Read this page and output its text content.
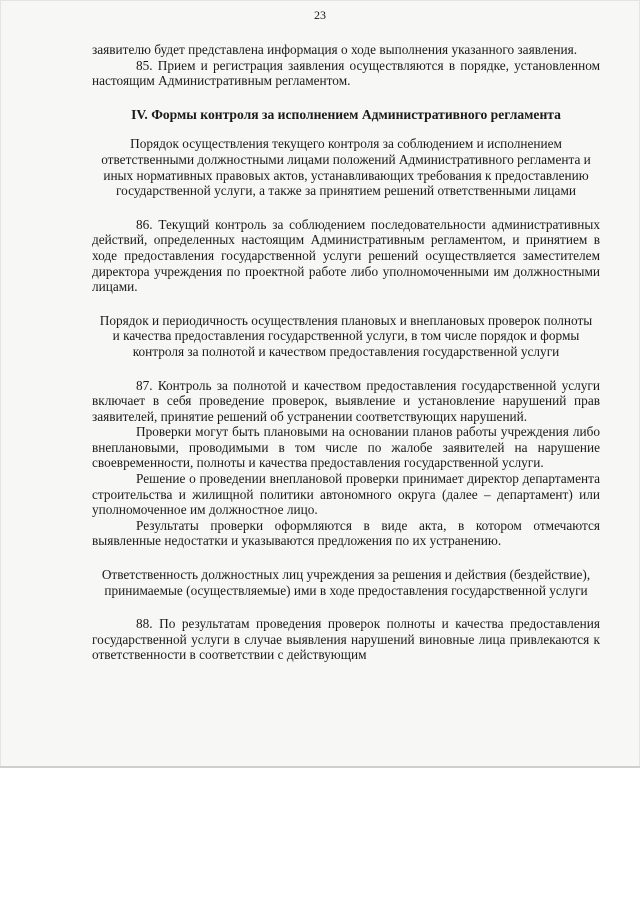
23

заявителю будет представлена информация о ходе выполнения указанного заявления.

85. Прием и регистрация заявления осуществляются в порядке, установленном настоящим Административным регламентом.

IV. Формы контроля за исполнением Административного регламента

Порядок осуществления текущего контроля за соблюдением и исполнением ответственными должностными лицами положений Административного регламента и иных нормативных правовых актов, устанавливающих требования к предоставлению государственной услуги, а также за принятием решений ответственными лицами

86. Текущий контроль за соблюдением последовательности административных действий, определенных настоящим Административным регламентом, и принятием в ходе предоставления государственной услуги решений осуществляется заместителем директора учреждения по проектной работе либо уполномоченными им должностными лицами.

Порядок и периодичность осуществления плановых и внеплановых проверок полноты и качества предоставления государственной услуги, в том числе порядок и формы контроля за полнотой и качеством предоставления государственной услуги

87. Контроль за полнотой и качеством предоставления государственной услуги включает в себя проведение проверок, выявление и установление нарушений прав заявителей, принятие решений об устранении соответствующих нарушений.

Проверки могут быть плановыми на основании планов работы учреждения либо внеплановыми, проводимыми в том числе по жалобе заявителей на нарушение своевременности, полноты и качества предоставления государственной услуги.

Решение о проведении внеплановой проверки принимает директор департамента строительства и жилищной политики автономного округа (далее – департамент) или уполномоченное им должностное лицо.

Результаты проверки оформляются в виде акта, в котором отмечаются выявленные недостатки и указываются предложения по их устранению.

Ответственность должностных лиц учреждения за решения и действия (бездействие), принимаемые (осуществляемые) ими в ходе предоставления государственной услуги

88. По результатам проведения проверок полноты и качества предоставления государственной услуги в случае выявления нарушений виновные лица привлекаются к ответственности в соответствии с действующим
